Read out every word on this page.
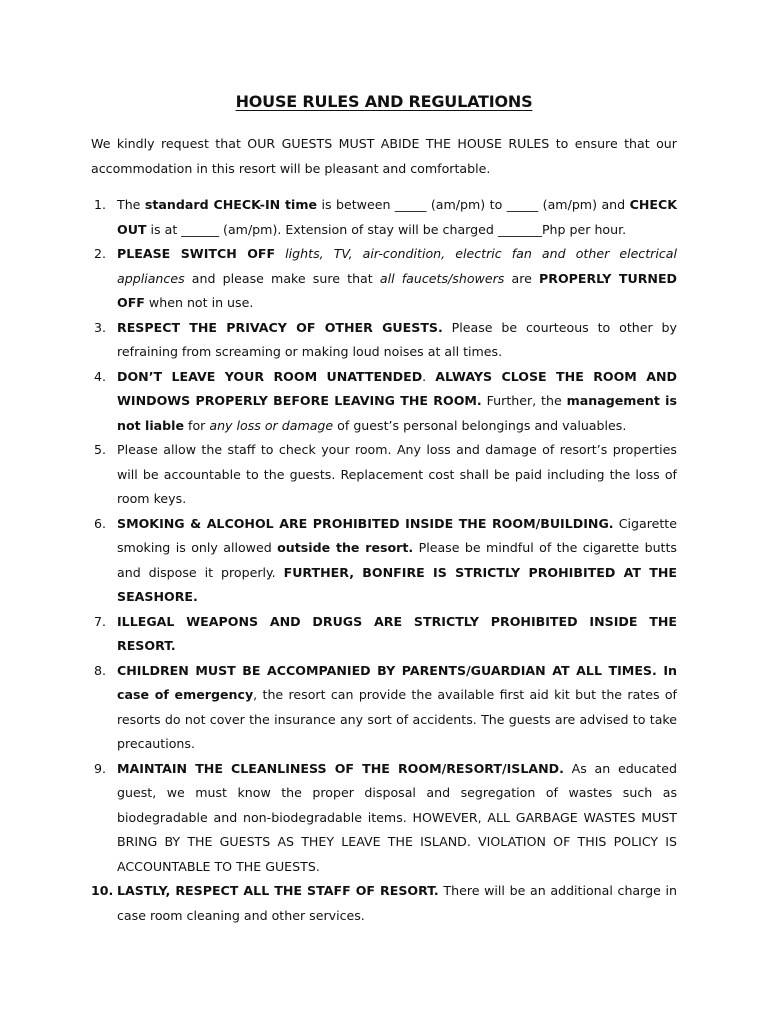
HOUSE RULES AND REGULATIONS
We kindly request that OUR GUESTS MUST ABIDE THE HOUSE RULES to ensure that our accommodation in this resort will be pleasant and comfortable.
1. The standard CHECK-IN time is between _____ (am/pm) to _____ (am/pm) and CHECK OUT is at ______ (am/pm). Extension of stay will be charged _______Php per hour.
2. PLEASE SWITCH OFF lights, TV, air-condition, electric fan and other electrical appliances and please make sure that all faucets/showers are PROPERLY TURNED OFF when not in use.
3. RESPECT THE PRIVACY OF OTHER GUESTS. Please be courteous to other by refraining from screaming or making loud noises at all times.
4. DON’T LEAVE YOUR ROOM UNATTENDED. ALWAYS CLOSE THE ROOM AND WINDOWS PROPERLY BEFORE LEAVING THE ROOM. Further, the management is not liable for any loss or damage of guest’s personal belongings and valuables.
5. Please allow the staff to check your room. Any loss and damage of resort’s properties will be accountable to the guests. Replacement cost shall be paid including the loss of room keys.
6. SMOKING & ALCOHOL ARE PROHIBITED INSIDE THE ROOM/BUILDING. Cigarette smoking is only allowed outside the resort. Please be mindful of the cigarette butts and dispose it properly. FURTHER, BONFIRE IS STRICTLY PROHIBITED AT THE SEASHORE.
7. ILLEGAL WEAPONS AND DRUGS ARE STRICTLY PROHIBITED INSIDE THE RESORT.
8. CHILDREN MUST BE ACCOMPANIED BY PARENTS/GUARDIAN AT ALL TIMES. In case of emergency, the resort can provide the available first aid kit but the rates of resorts do not cover the insurance any sort of accidents. The guests are advised to take precautions.
9. MAINTAIN THE CLEANLINESS OF THE ROOM/RESORT/ISLAND. As an educated guest, we must know the proper disposal and segregation of wastes such as biodegradable and non-biodegradable items. HOWEVER, ALL GARBAGE WASTES MUST BRING BY THE GUESTS AS THEY LEAVE THE ISLAND. VIOLATION OF THIS POLICY IS ACCOUNTABLE TO THE GUESTS.
10. LASTLY, RESPECT ALL THE STAFF OF RESORT. There will be an additional charge in case room cleaning and other services.
